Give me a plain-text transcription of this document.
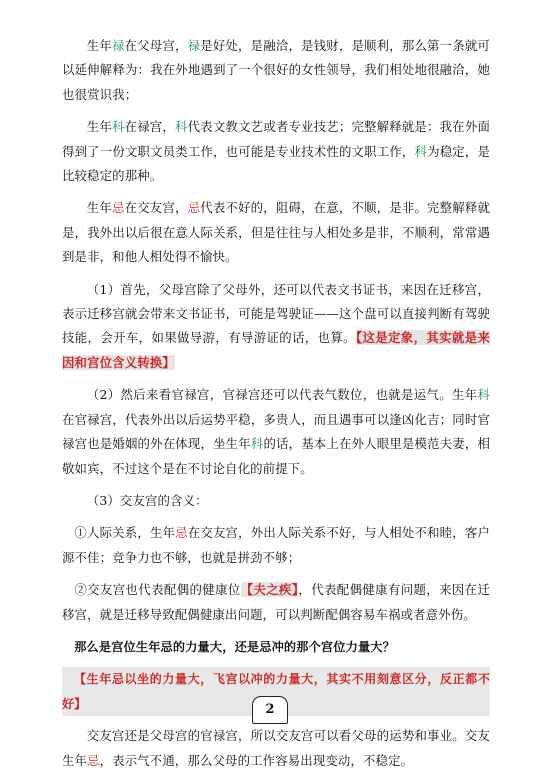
生年禄在父母宫，禄是好处，是融洽，是钱财，是顺利，那么第一条就可以延伸解释为：我在外地遇到了一个很好的女性领导，我们相处地很融洽，她也很赏识我；

生年科在禄宫，科代表文教文艺或者专业技艺；完整解释就是：我在外面得到了一份文职文员类工作，也可能是专业技术性的文职工作，科为稳定，是比较稳定的那种。

生年忌在交友宫，忌代表不好的，阻碍，在意，不顺，是非。完整解释就是，我外出以后很在意人际关系，但是往往与人相处多是非，不顺利，常常遇到是非，和他人相处得不愉快。

（1）首先，父母宫除了父母外，还可以代表文书证书，来因在迁移宫，表示迁移宫就会带来文书证书，可能是驾驶证——这个盘可以直接判断有驾驶技能，会开车，如果做导游，有导游证的话，也算。【这是定象，其实就是来因和宫位含义转换】

（2）然后来看官禄宫，官禄宫还可以代表气数位，也就是运气。生年科在官禄宫，代表外出以后运势平稳，多贵人，而且遇事可以逢凶化吉；同时官禄宫也是婚姻的外在体现，坐生年科的话，基本上在外人眼里是模范夫妻，相敬如宾，不过这个是在不讨论自化的前提下。

（3）交友宫的含义：

①人际关系，生年忌在交友宫，外出人际关系不好，与人相处不和睦，客户源不佳；竞争力也不够，也就是拼劲不够；

②交友宫也代表配偶的健康位【夫之疾】，代表配偶健康有问题，来因在迁移宫，就是迁移导致配偶健康出问题，可以判断配偶容易车祸或者意外伤。

那么是宫位生年忌的力量大，还是忌冲的那个宫位力量大？

【生年忌以坐的力量大，飞宫以冲的力量大，其实不用刻意区分，反正都不好】

交友宫还是父母宫的官禄宫，所以交友宫可以看父母的运势和事业。交友生年忌，表示气不通，那么父母的工作容易出现变动，不稳定。

2
